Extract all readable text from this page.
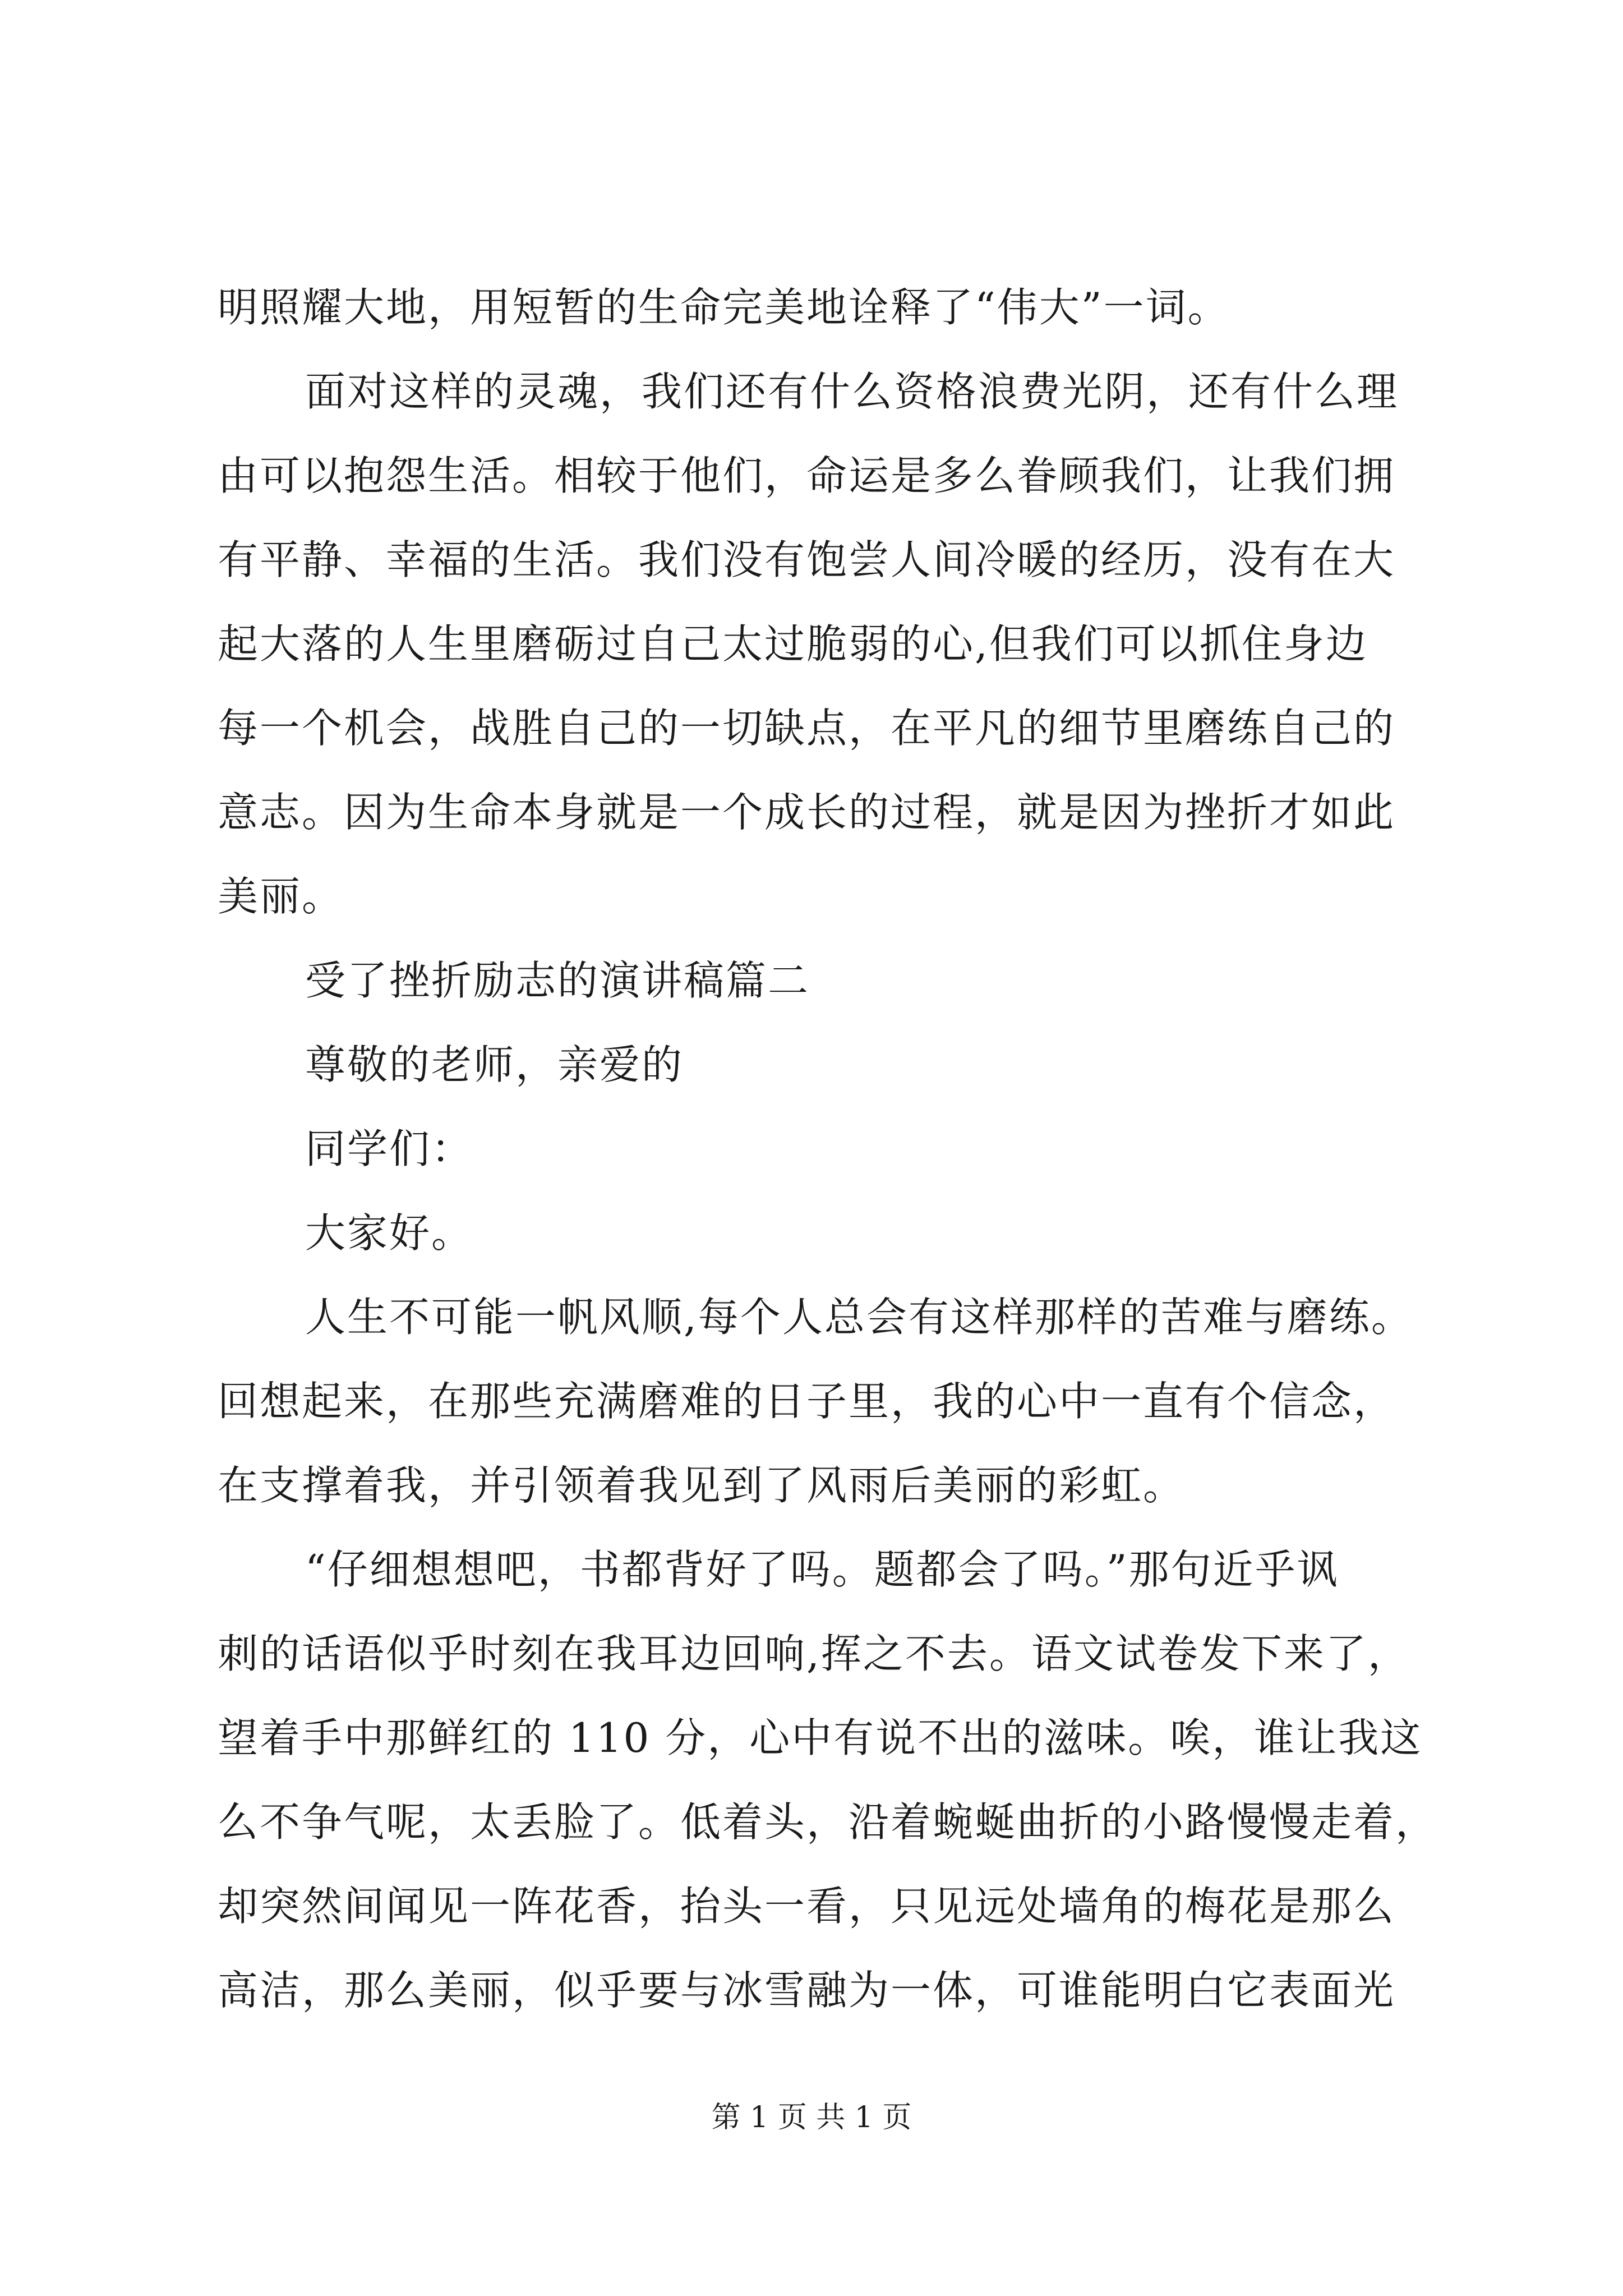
明照耀大地，用短暂的生命完美地诠释了“伟大”一词。
面对这样的灵魂，我们还有什么资格浪费光阴，还有什么理
由可以抱怨生活。相较于他们，命运是多么眷顾我们，让我们拥
有平静、幸福的生活。我们没有饱尝人间冷暖的经历，没有在大
起大落的人生里磨砺过自己太过脆弱的心,但我们可以抓住身边
每一个机会，战胜自己的一切缺点，在平凡的细节里磨练自己的
意志。因为生命本身就是一个成长的过程，就是因为挫折才如此
美丽。
受了挫折励志的演讲稿篇二
尊敬的老师，亲爱的
同学们：
大家好。
人生不可能一帆风顺,每个人总会有这样那样的苦难与磨练。
回想起来，在那些充满磨难的日子里，我的心中一直有个信念，
在支撑着我，并引领着我见到了风雨后美丽的彩虹。
“仔细想想吧，书都背好了吗。题都会了吗。”那句近乎讽
刺的话语似乎时刻在我耳边回响,挥之不去。语文试卷发下来了，
望着手中那鲜红的 110 分，心中有说不出的滋味。唉，谁让我这
么不争气呢，太丢脸了。低着头，沿着蜿蜒曲折的小路慢慢走着，
却突然间闻见一阵花香，抬头一看，只见远处墙角的梅花是那么
高洁，那么美丽，似乎要与冰雪融为一体，可谁能明白它表面光
第 1 页 共 1 页
